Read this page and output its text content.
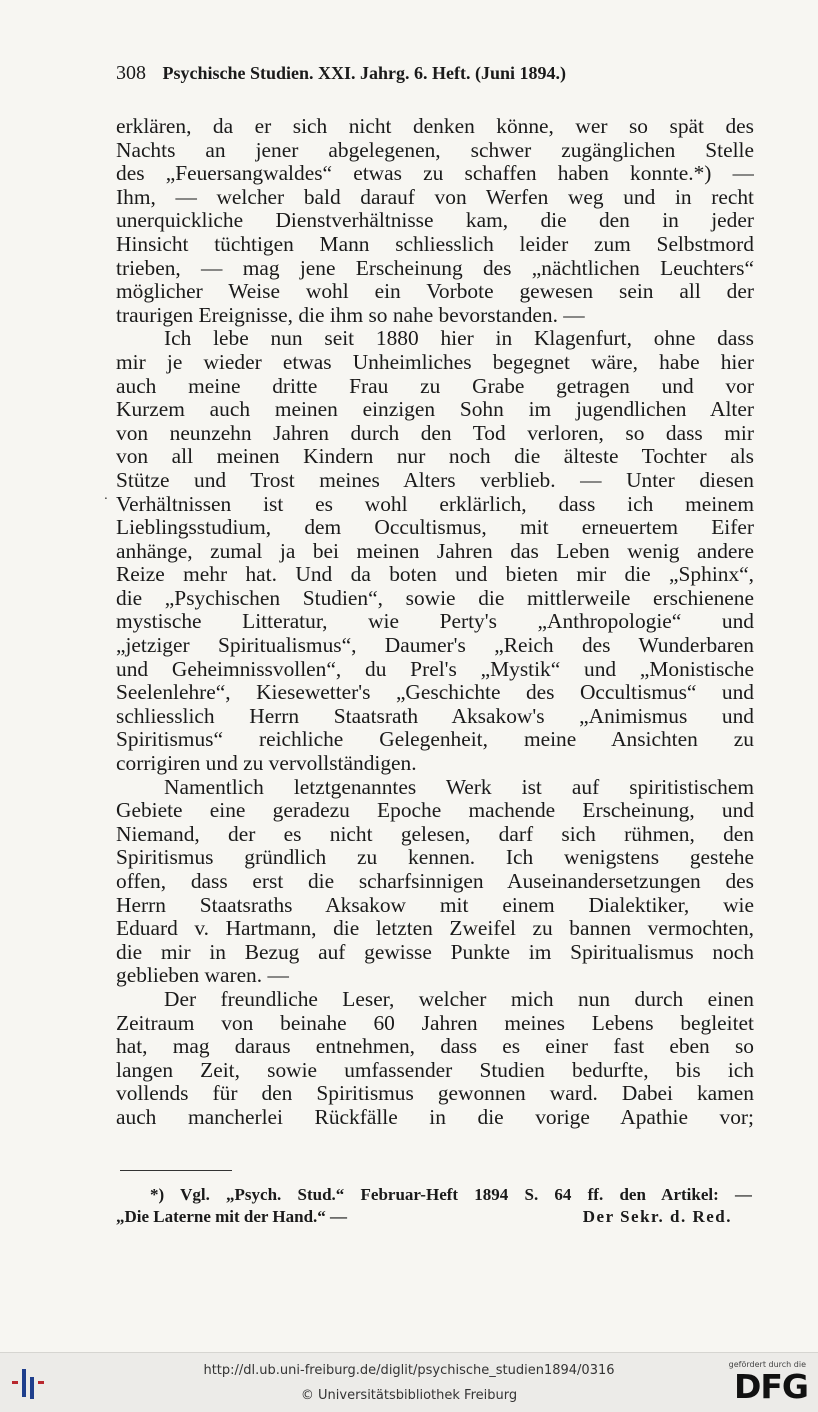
308 Psychische Studien. XXI. Jahrg. 6. Heft. (Juni 1894.)
erklären, da er sich nicht denken könne, wer so spät des
Nachts an jener abgelegenen, schwer zugänglichen Stelle
des „Feuersangwaldes“ etwas zu schaffen haben konnte.*) —
Ihm, — welcher bald darauf von Werfen weg und in recht
unerquickliche Dienstverhältnisse kam, die den in jeder
Hinsicht tüchtigen Mann schliesslich leider zum Selbstmord
trieben, — mag jene Erscheinung des „nächtlichen Leuchters“
möglicher Weise wohl ein Vorbote gewesen sein all der
traurigen Ereignisse, die ihm so nahe bevorstanden. —
Ich lebe nun seit 1880 hier in Klagenfurt, ohne dass
mir je wieder etwas Unheimliches begegnet wäre, habe hier
auch meine dritte Frau zu Grabe getragen und vor
Kurzem auch meinen einzigen Sohn im jugendlichen Alter
von neunzehn Jahren durch den Tod verloren, so dass mir
von all meinen Kindern nur noch die älteste Tochter als
Stütze und Trost meines Alters verblieb. — Unter diesen
Verhältnissen ist es wohl erklärlich, dass ich meinem
Lieblingsstudium, dem Occultismus, mit erneuertem Eifer
anhänge, zumal ja bei meinen Jahren das Leben wenig andere
Reize mehr hat. Und da boten und bieten mir die „Sphinx“,
die „Psychischen Studien“, sowie die mittlerweile erschienene
mystische Litteratur, wie Perty's „Anthropologie“ und
„jetziger Spiritualismus“, Daumer's „Reich des Wunderbaren
und Geheimnissvollen“, du Prel's „Mystik“ und „Monistische
Seelenlehre“, Kiesewetter's „Geschichte des Occultismus“ und
schliesslich Herrn Staatsrath Aksakow's „Animismus und
Spiritismus“ reichliche Gelegenheit, meine Ansichten zu
corrigiren und zu vervollständigen.
Namentlich letztgenanntes Werk ist auf spiritistischem
Gebiete eine geradezu Epoche machende Erscheinung, und
Niemand, der es nicht gelesen, darf sich rühmen, den
Spiritismus gründlich zu kennen. Ich wenigstens gestehe
offen, dass erst die scharfsinnigen Auseinandersetzungen des
Herrn Staatsraths Aksakow mit einem Dialektiker, wie
Eduard v. Hartmann, die letzten Zweifel zu bannen vermochten,
die mir in Bezug auf gewisse Punkte im Spiritualismus noch
geblieben waren. —
Der freundliche Leser, welcher mich nun durch einen
Zeitraum von beinahe 60 Jahren meines Lebens begleitet
hat, mag daraus entnehmen, dass es einer fast eben so
langen Zeit, sowie umfassender Studien bedurfte, bis ich
vollends für den Spiritismus gewonnen ward. Dabei kamen
auch mancherlei Rückfälle in die vorige Apathie vor;
.
*) Vgl. „Psych. Stud.“ Februar-Heft 1894 S. 64 ff. den Artikel: —
„Die Laterne mit der Hand.“ —	Der Sekr. d. Red.
http://dl.ub.uni-freiburg.de/diglit/psychische_studien1894/0316
© Universitätsbibliothek Freiburg
gefördert durch die
DFG
